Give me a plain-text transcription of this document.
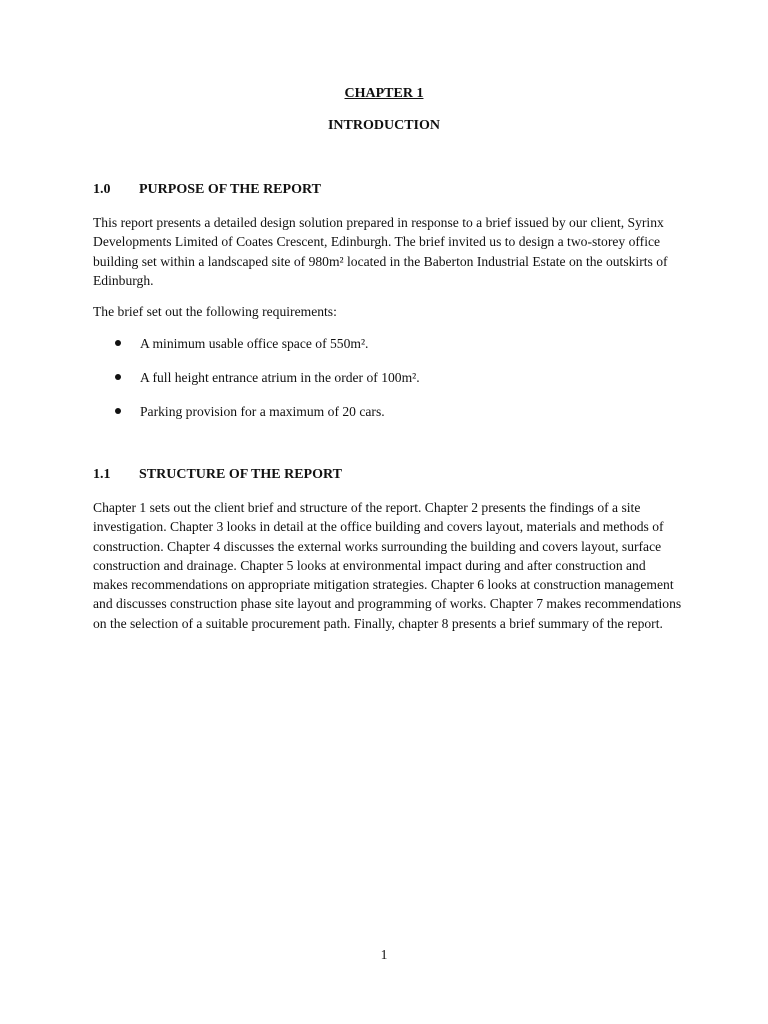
CHAPTER 1
INTRODUCTION
1.0 PURPOSE OF THE REPORT

This report presents a detailed design solution prepared in response to a brief issued by our client, Syrinx Developments Limited of Coates Crescent, Edinburgh. The brief invited us to design a two-storey office building set within a landscaped site of 980m² located in the Baberton Industrial Estate on the outskirts of Edinburgh.

The brief set out the following requirements:

A minimum usable office space of 550m².
A full height entrance atrium in the order of 100m².
Parking provision for a maximum of 20 cars.
1.1 STRUCTURE OF THE REPORT

Chapter 1 sets out the client brief and structure of the report. Chapter 2 presents the findings of a site investigation. Chapter 3 looks in detail at the office building and covers layout, materials and methods of construction. Chapter 4 discusses the external works surrounding the building and covers layout, surface construction and drainage. Chapter 5 looks at environmental impact during and after construction and makes recommendations on appropriate mitigation strategies. Chapter 6 looks at construction management and discusses construction phase site layout and programming of works. Chapter 7 makes recommendations on the selection of a suitable procurement path. Finally, chapter 8 presents a brief summary of the report.

1
